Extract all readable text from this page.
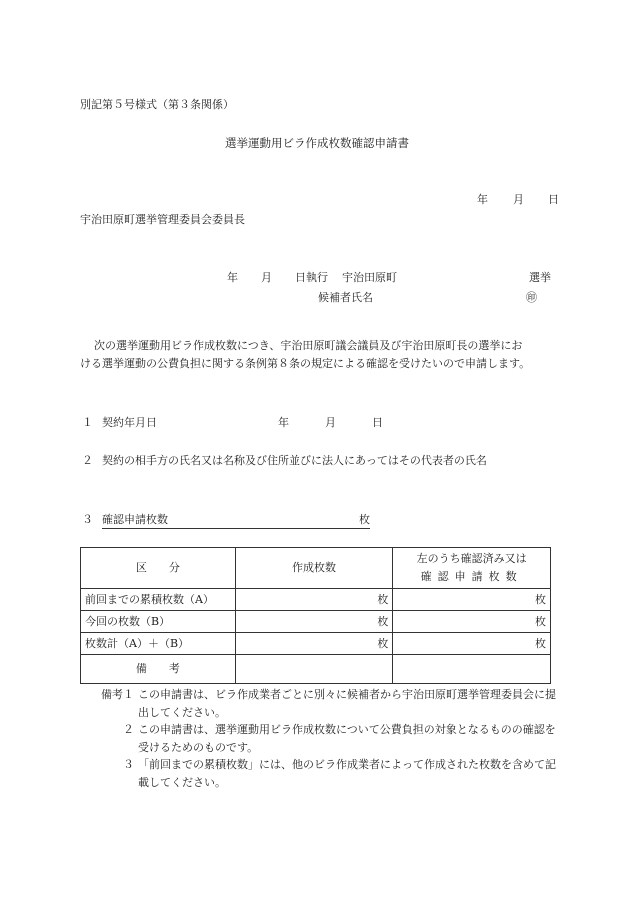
別記第５号様式（第３条関係）
選挙運動用ビラ作成枚数確認申請書
年 月 日
宇治田原町選挙管理委員会委員長
年 月 日執行 宇治田原町	選挙
候補者氏名	㊞
次の選挙運動用ビラ作成枚数につき、宇治田原町議会議員及び宇治田原町長の選挙にお
ける選挙運動の公費負担に関する条例第８条の規定による確認を受けたいので申請します。
１ 契約年月日	年	月	日
２ 契約の相手方の氏名又は名称及び住所並びに法人にあってはその代表者の氏名
３ 確認申請枚数	枚
区　　分	作成枚数	左のうち確認済み又は
確認申請枚数

前回までの累積枚数（A）	枚	枚
今回の枚数（B）	枚	枚
枚数計（A）＋（B）	枚	枚
備　　考		

備考１ この申請書は、ビラ作成業者ごとに別々に候補者から宇治田原町選挙管理委員会に提出してください。

２ この申請書は、選挙運動用ビラ作成枚数について公費負担の対象となるものの確認を受けるためのものです。

３ 「前回までの累積枚数」には、他のビラ作成業者によって作成された枚数を含めて記載してください。
